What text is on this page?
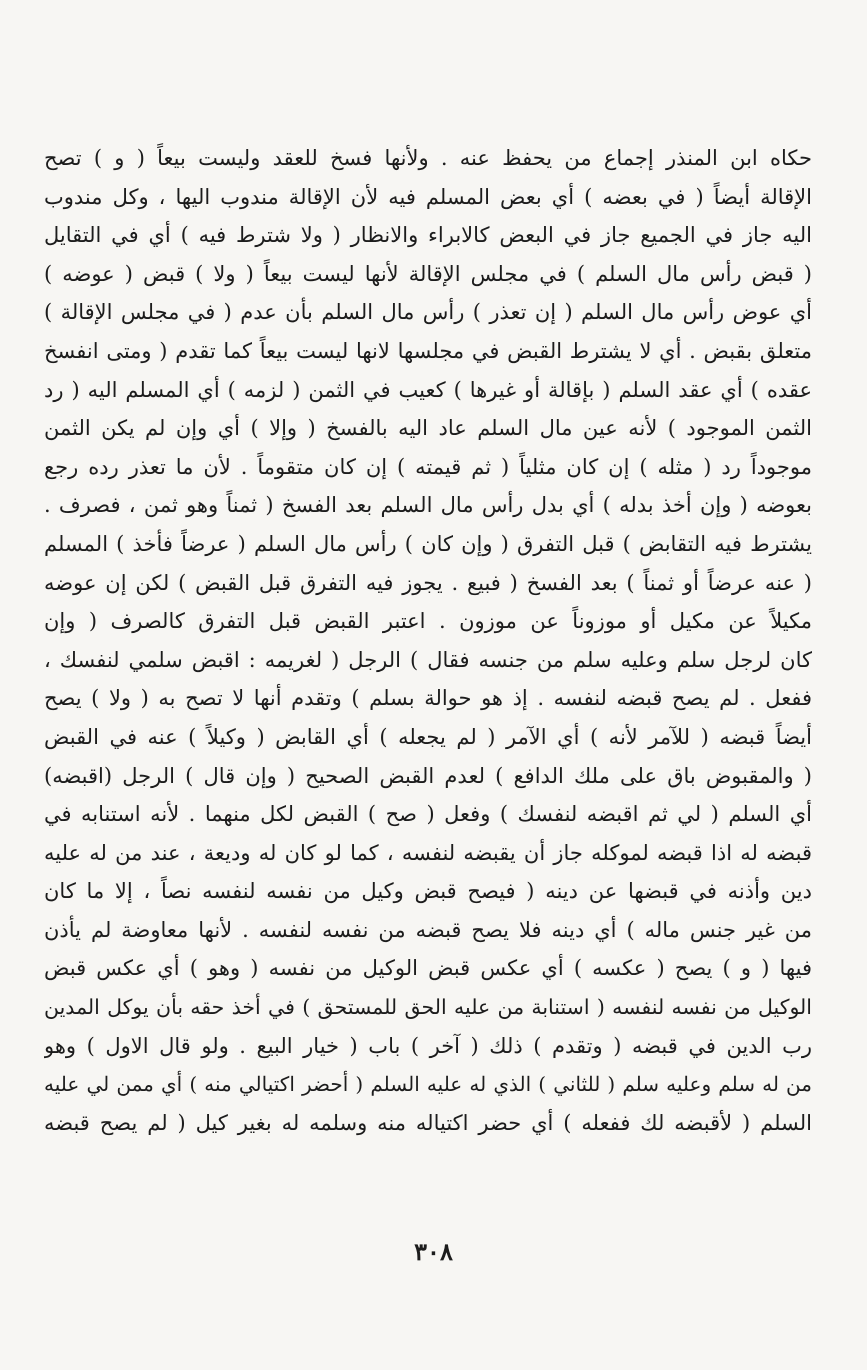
حكاه ابن المنذر إجماع من يحفظ عنه . ولأنها فسخ للعقد وليست بيعاً ( و ) تصح
الإقالة أيضاً ( في بعضه ) أي بعض المسلم فيه لأن الإقالة مندوب اليها ، وكل مندوب
اليه جاز في الجميع جاز في البعض كالابراء والانظار ( ولا شترط فيه ) أي في التقايل
( قبض رأس مال السلم ) في مجلس الإقالة لأنها ليست بيعاً ( ولا ) قبض ( عوضه )
أي عوض رأس مال السلم ( إن تعذر ) رأس مال السلم بأن عدم ( في مجلس الإقالة )
متعلق بقبض . أي لا يشترط القبض في مجلسها لانها ليست بيعاً كما تقدم ( ومتى انفسخ
عقده ) أي عقد السلم ( بإقالة أو غيرها ) كعيب في الثمن ( لزمه ) أي المسلم اليه ( رد
الثمن الموجود ) لأنه عين مال السلم عاد اليه بالفسخ ( وإلا ) أي وإن لم يكن الثمن
موجوداً رد ( مثله ) إن كان مثلياً ( ثم قيمته ) إن كان متقوماً . لأن ما تعذر رده رجع
بعوضه ( وإن أخذ بدله ) أي بدل رأس مال السلم بعد الفسخ ( ثمناً وهو ثمن ، فصرف .
يشترط فيه التقابض ) قبل التفرق ( وإن كان ) رأس مال السلم ( عرضاً فأخذ ) المسلم
( عنه عرضاً أو ثمناً ) بعد الفسخ ( فبيع . يجوز فيه التفرق قبل القبض ) لكن إن عوضه
مكيلاً عن مكيل أو موزوناً عن موزون . اعتبر القبض قبل التفرق كالصرف ( وإن
كان لرجل سلم وعليه سلم من جنسه فقال ) الرجل ( لغريمه : اقبض سلمي لنفسك ،
ففعل . لم يصح قبضه لنفسه . إذ هو حوالة بسلم ) وتقدم أنها لا تصح به ( ولا ) يصح
أيضاً قبضه ( للآمر لأنه ) أي الآمر ( لم يجعله ) أي القابض ( وكيلاً ) عنه في القبض
( والمقبوض باق على ملك الدافع ) لعدم القبض الصحيح ( وإن قال ) الرجل (اقبضه)
أي السلم ( لي ثم اقبضه لنفسك ) وفعل ( صح ) القبض لكل منهما . لأنه استنابه في
قبضه له اذا قبضه لموكله جاز أن يقبضه لنفسه ، كما لو كان له وديعة ، عند من له عليه
دين وأذنه في قبضها عن دينه ( فيصح قبض وكيل من نفسه لنفسه نصاً ، إلا ما كان
من غير جنس ماله ) أي دينه فلا يصح قبضه من نفسه لنفسه . لأنها معاوضة لم يأذن
فيها ( و ) يصح ( عكسه ) أي عكس قبض الوكيل من نفسه ( وهو ) أي عكس قبض
الوكيل من نفسه لنفسه ( استنابة من عليه الحق للمستحق ) في أخذ حقه بأن يوكل المدين
رب الدين في قبضه ( وتقدم ) ذلك ( آخر ) باب ( خيار البيع . ولو قال الاول ) وهو
من له سلم وعليه سلم ( للثاني ) الذي له عليه السلم ( أحضر اكتيالي منه ) أي ممن لي عليه
السلم ( لأقبضه لك ففعله ) أي حضر اكتياله منه وسلمه له بغير كيل ( لم يصح قبضه
٣٠٨
